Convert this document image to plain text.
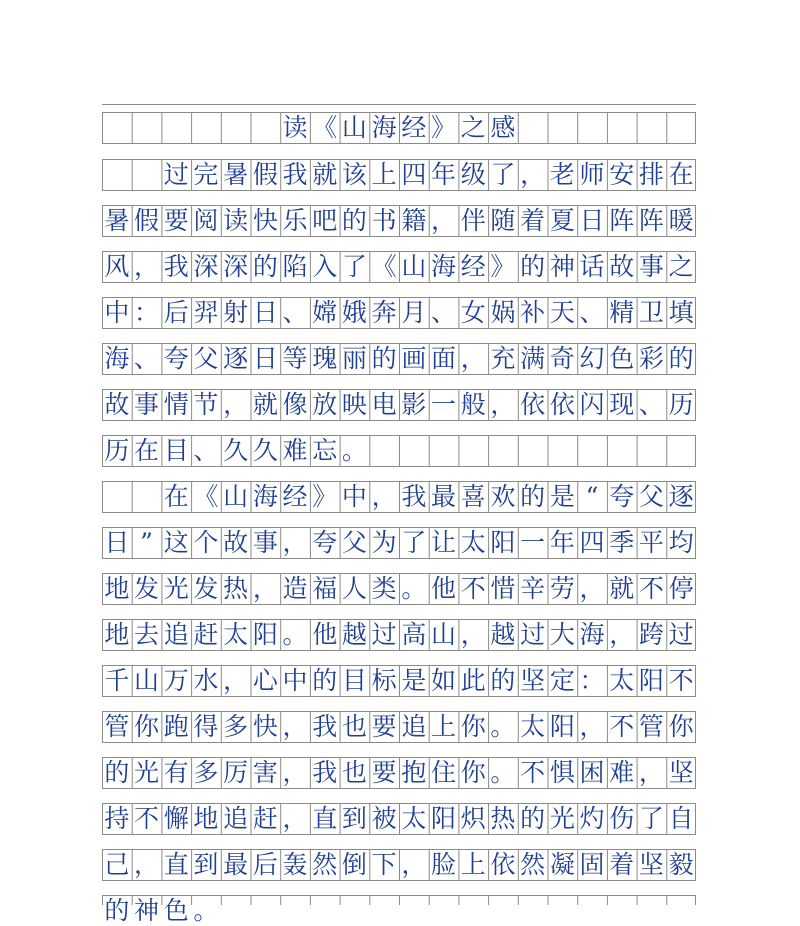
读 《 山 海 经 》 之 感
过 完 暑 假 我 就 该 上 四 年 级 了 ， 老 师 安 排 在
暑 假 要 阅 读 快 乐 吧 的 书 籍 ， 伴 随 着 夏 日 阵 阵 暖
风 ， 我 深 深 的 陷 入 了 《 山 海 经 》 的 神 话 故 事 之
中 ： 后 羿 射 日 、 嫦 娥 奔 月 、 女 娲 补 天 、 精 卫 填
海 、 夸 父 逐 日 等 瑰 丽 的 画 面 ， 充 满 奇 幻 色 彩 的
故 事 情 节 ， 就 像 放 映 电 影 一 般 ， 依 依 闪 现 、 历
历 在 目 、 久 久 难 忘 。
在 《 山 海 经 》 中 ， 我 最 喜 欢 的 是 “ 夸 父 逐
日 ” 这 个 故 事 ， 夸 父 为 了 让 太 阳 一 年 四 季 平 均
地 发 光 发 热 ， 造 福 人 类 。 他 不 惜 辛 劳 ， 就 不 停
地 去 追 赶 太 阳 。 他 越 过 高 山 ， 越 过 大 海 ， 跨 过
千 山 万 水 ， 心 中 的 目 标 是 如 此 的 坚 定 ： 太 阳 不
管 你 跑 得 多 快 ， 我 也 要 追 上 你 。 太 阳 ， 不 管 你
的 光 有 多 厉 害 ， 我 也 要 抱 住 你 。 不 惧 困 难 ， 坚
持 不 懈 地 追 赶 ， 直 到 被 太 阳 炽 热 的 光 灼 伤 了 自
己 ， 直 到 最 后 轰 然 倒 下 ， 脸 上 依 然 凝 固 着 坚 毅
的 神 色 。
